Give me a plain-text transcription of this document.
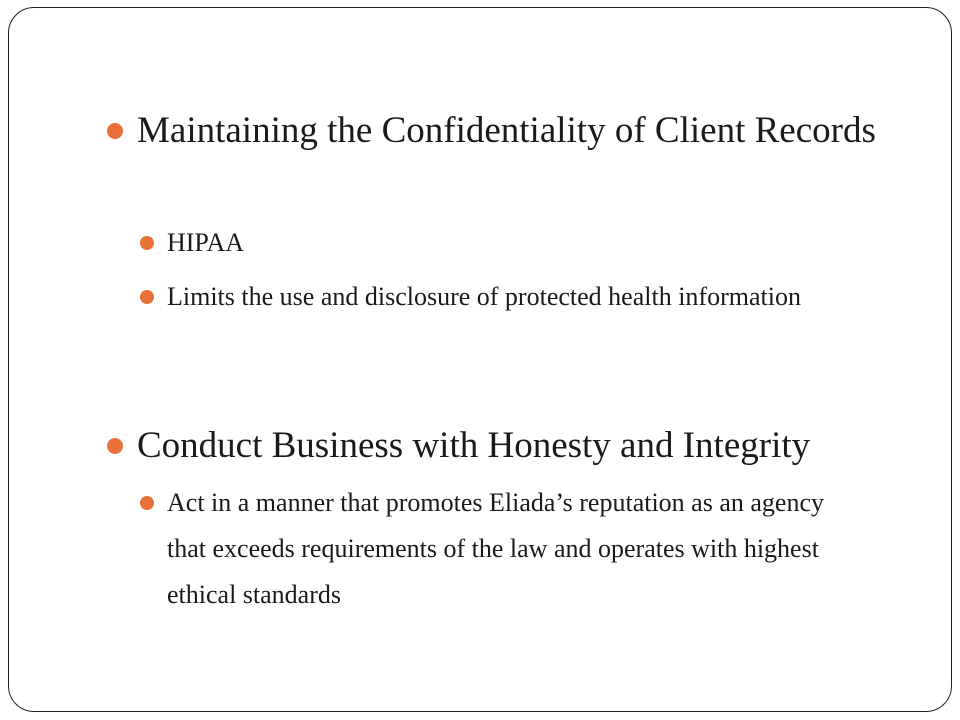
Maintaining the Confidentiality of Client Records
HIPAA
Limits the use and disclosure of protected health information
Conduct Business with Honesty and Integrity
Act in a manner that promotes Eliada’s reputation as an agency that exceeds requirements of the law and operates with highest ethical standards
